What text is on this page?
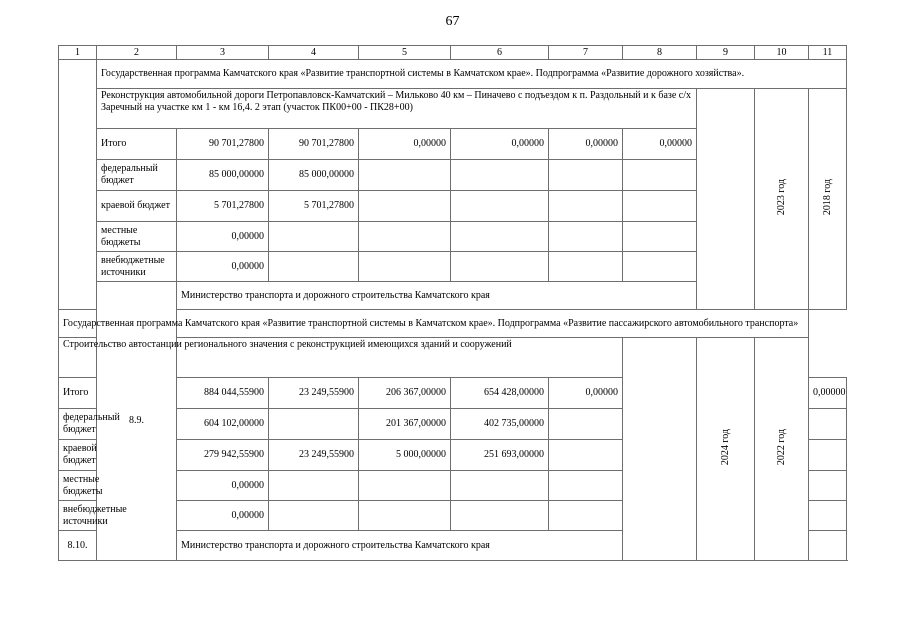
67
1	2	3	4	5	6	7	8	9	10	11
	Государственная программа Камчатского края «Развитие транспортной системы в Камчатском крае». Подпрограмма «Развитие дорожного хозяйства».									
	Реконструкция автомобильной дороги Петропавловск-Камчатский – Мильково 40 км – Пиначево с подъездом к п. Раздольный и к базе с/х Заречный на участке км 1 - км 16,4. 2 этап (участок ПК00+00 - ПК28+00)								2023 год	2018 год
	Итого	90 701,27800	90 701,27800	0,00000	0,00000	0,00000	0,00000			
	федеральный бюджет	85 000,00000	85 000,00000							
	краевой бюджет	5 701,27800	5 701,27800							
	местные бюджеты	0,00000								
	внебюджетные источники	0,00000								
	8.9.	Министерство транспорта и дорожного строительства Камчатского края								
Государственная программа Камчатского края «Развитие транспортной системы в Камчатском крае». Подпрограмма «Развитие пассажирского автомобильного транспорта»										
Строительство автостанции регионального значения с реконструкцией имеющихся зданий и сооружений								2024 год	2022 год	
Итого		884 044,55900	23 249,55900	206 367,00000	654 428,00000	0,00000				0,00000
федеральный бюджет		604 102,00000		201 367,00000	402 735,00000					
краевой бюджет		279 942,55900	23 249,55900	5 000,00000	251 693,00000					
местные бюджеты		0,00000								
внебюджетные источники		0,00000								
8.10.		Министерство транспорта и дорожного строительства Камчатского края								
